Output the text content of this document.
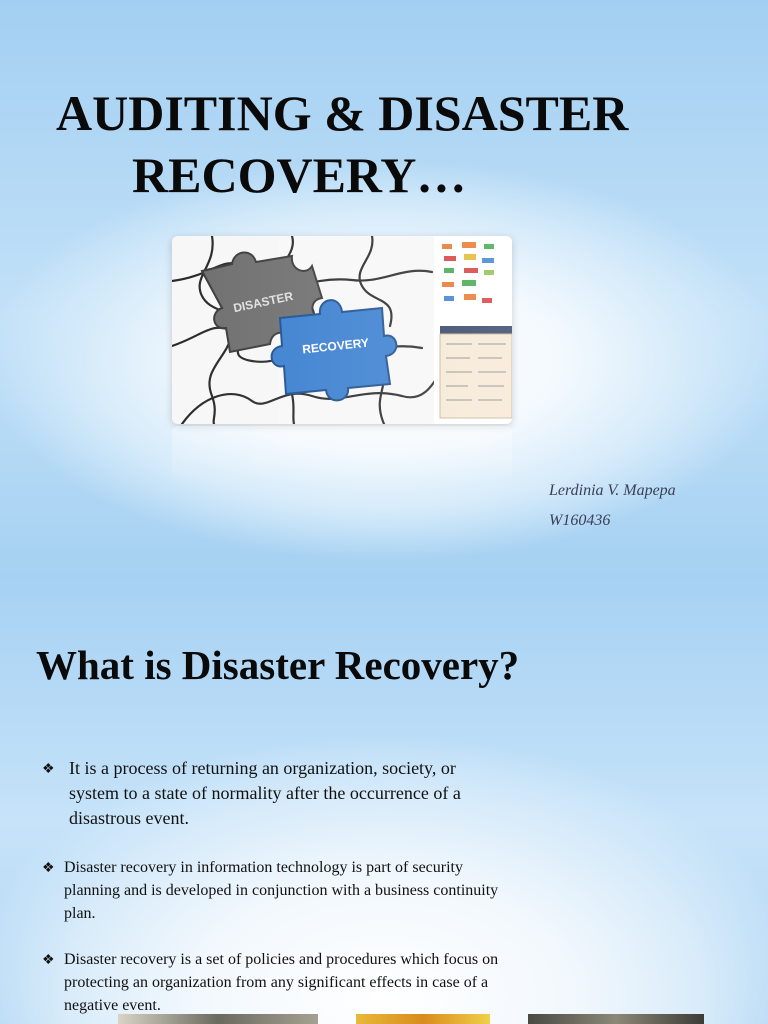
AUDITING & DISASTER
RECOVERY…
Lerdinia V. Mapepa
W160436
What is Disaster Recovery?
❖ It is a process of returning an organization, society, or
system to a state of normality after the occurrence of a
disastrous event.
❖ Disaster recovery in information technology is part of security
planning and is developed in conjunction with a business continuity
plan.
❖ Disaster recovery is a set of policies and procedures which focus on
protecting an organization from any significant effects in case of a
negative event.
